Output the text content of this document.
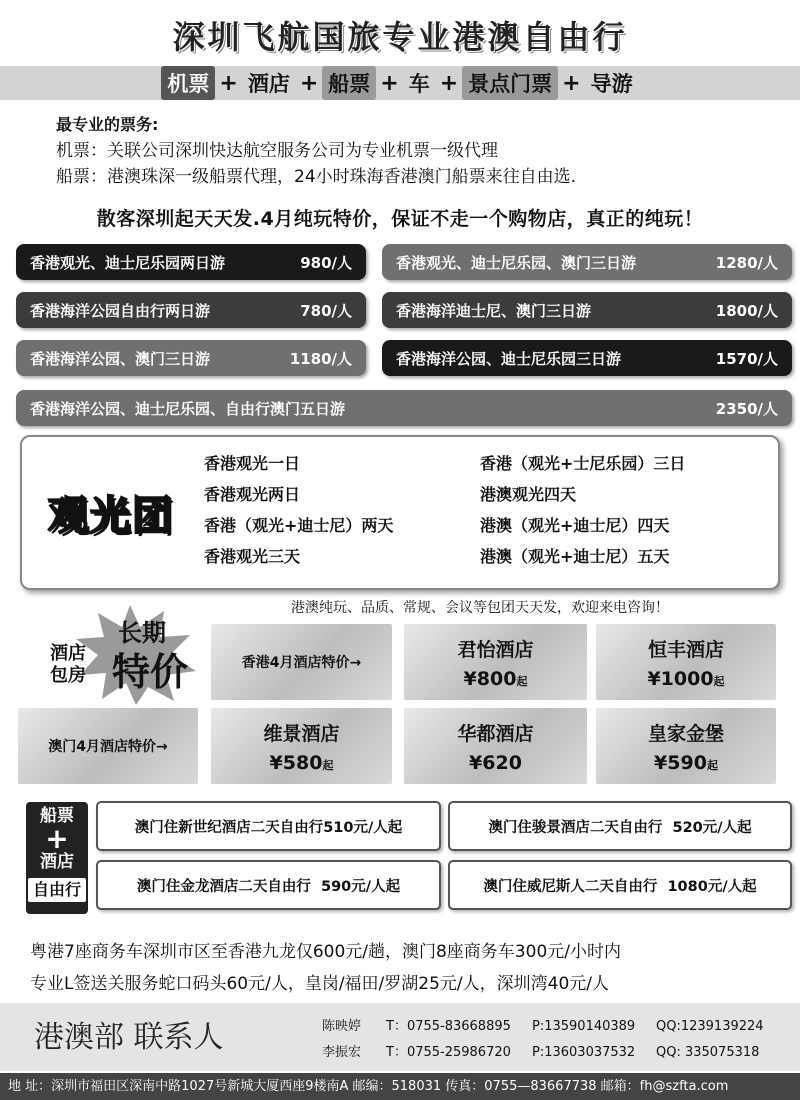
深圳飞航国旅专业港澳自由行
机票 + 酒店 + 船票 + 车 + 景点门票 + 导游
最专业的票务:
机票：关联公司深圳快达航空服务公司为专业机票一级代理
船票：港澳珠深一级船票代理，24小时珠海香港澳门船票来往自由选.
散客深圳起天天发.4月纯玩特价，保证不走一个购物店，真正的纯玩！
香港观光、迪士尼乐园两日游	980/人	香港观光、迪士尼乐园、澳门三日游	1280/人
香港海洋公园自由行两日游	780/人	香港海洋迪士尼、澳门三日游	1800/人
香港海洋公园、澳门三日游	1180/人	香港海洋公园、迪士尼乐园三日游	1570/人
香港海洋公园、迪士尼乐园、自由行澳门五日游	2350/人
观光团
香港观光一日
香港观光两日
香港（观光+迪士尼）两天
香港观光三天
香港（观光+士尼乐园）三日
港澳观光四天
港澳（观光+迪士尼）四天
港澳（观光+迪士尼）五天
港澳纯玩、品质、常规、会议等包团天天发，欢迎来电咨询！
长期
酒店
包房 特价	香港4月酒店特价→
君怡酒店
¥800起
恒丰酒店
¥1000起
澳门4月酒店特价→
维景酒店
¥580起
华都酒店
¥620
皇家金堡
¥590起
船票
+
酒店
自由行
澳门住新世纪酒店二天自由行510元/人起	澳门住骏景酒店二天自由行  520元/人起
澳门住金龙酒店二天自由行  590元/人起	澳门住威尼斯人二天自由行  1080元/人起
粤港7座商务车深圳市区至香港九龙仅600元/趟，澳门8座商务车300元/小时内
专业L签送关服务蛇口码头60元/人，皇岗/福田/罗湖25元/人，深圳湾40元/人
港澳部 联系人	陈映婷	T：0755-83668895	P:13590140389	QQ:1239139224
李振宏	T：0755-25986720	P:13603037532	QQ: 335075318
地 址：深圳市福田区深南中路1027号新城大厦西座9楼南A 邮编：518031 传真：0755—83667738 邮箱：fh@szfta.com
